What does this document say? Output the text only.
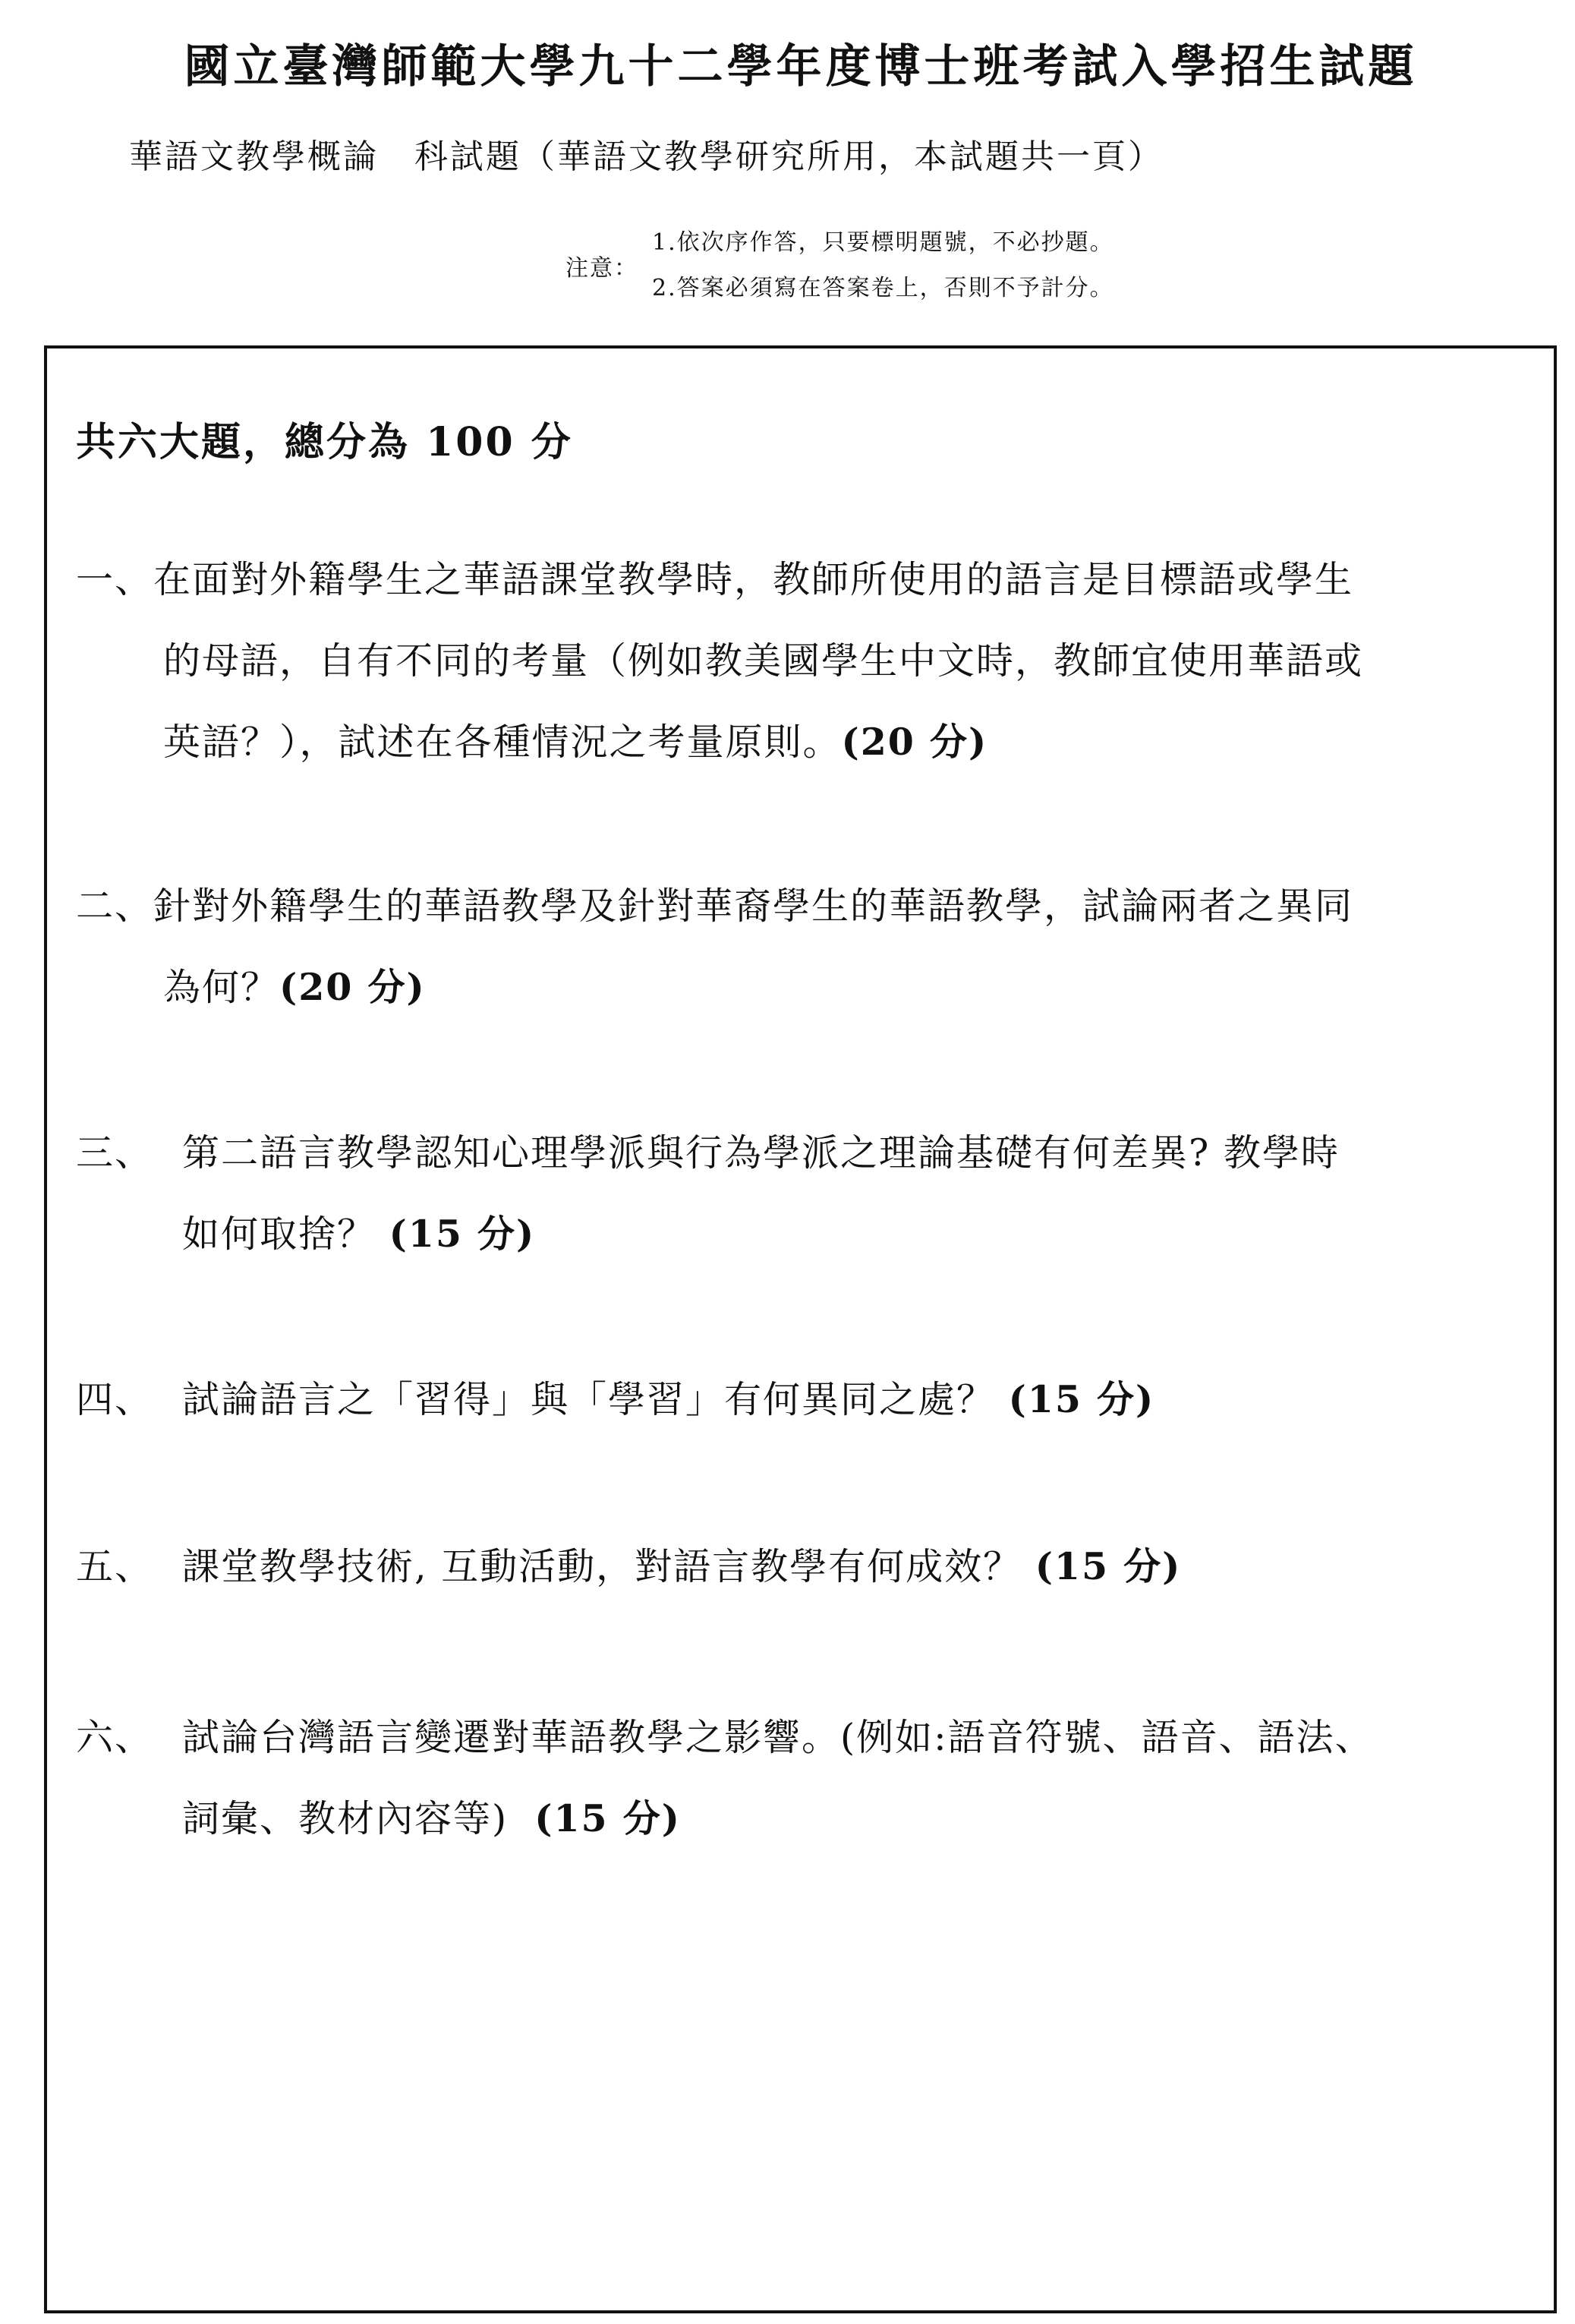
國立臺灣師範大學九十二學年度博士班考試入學招生試題
華語文教學概論　科試題（華語文教學研究所用，本試題共一頁）
注意：
1.依次序作答，只要標明題號，不必抄題。
2.答案必須寫在答案卷上，否則不予計分。
共六大題，總分為 100 分
一、在面對外籍學生之華語課堂教學時，教師所使用的語言是目標語或學生
的母語，自有不同的考量（例如教美國學生中文時，教師宜使用華語或
英語？），試述在各種情況之考量原則。(20 分)
二、針對外籍學生的華語教學及針對華裔學生的華語教學，試論兩者之異同
為何？(20 分)
三、 第二語言教學認知心理學派與行為學派之理論基礎有何差異? 教學時
如何取捨？ (15 分)
四、 試論語言之「習得」與「學習」有何異同之處？ (15 分)
五、 課堂教學技術, 互動活動，對語言教學有何成效？ (15 分)
六、 試論台灣語言變遷對華語教學之影響。(例如:語音符號、語音、語法、
詞彙、教材內容等) (15 分)
